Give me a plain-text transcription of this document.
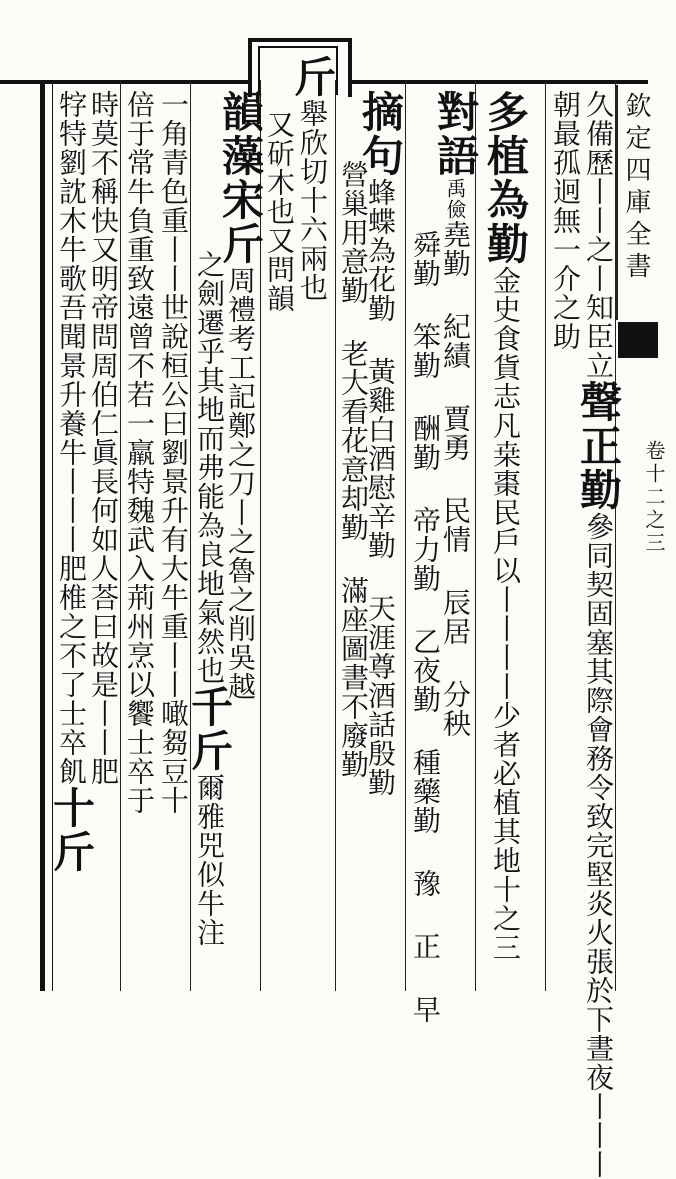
欽定四庫全書
卷十二之三
久備歷丨丨之丨知臣立聲正勤參同契固塞其際會務令致完堅炎火張於下晝夜丨丨丨
朝最孤迥無一介之助
多植為勤金史食貨志凡桒棗民戶以丨丨丨丨少者必植其地十之三
對語禹儉堯勤 紀績 賈勇 民情 辰居 分秧
舜勤 笨勤 酬勤 帝力勤 乙夜勤 種藥勤 豫 正 早
摘句蜂蝶為花勤 黃雞白酒慰辛勤 天涯尊酒話殷勤
營巢用意勤 老大看花意却勤 滿座圖書不廢勤
斤舉欣切十六兩也
又斫木也又問韻
韻藻宋斤周禮考工記鄭之刀丨之魯之削吳越
之劍遷乎其地而弗能為良地氣然也千斤爾雅兕似牛注
一角青色重丨丨世說桓公曰劉景升有大牛重丨丨噉芻豆十
倍于常牛負重致遠曾不若一羸特魏武入荊州烹以饗士卒于
時莫不稱快又明帝問周伯仁眞長何如人荅曰故是丨丨肥
牸特劉訦木牛歌吾聞景升養牛丨丨丨肥椎之不了士卒飢十斤
